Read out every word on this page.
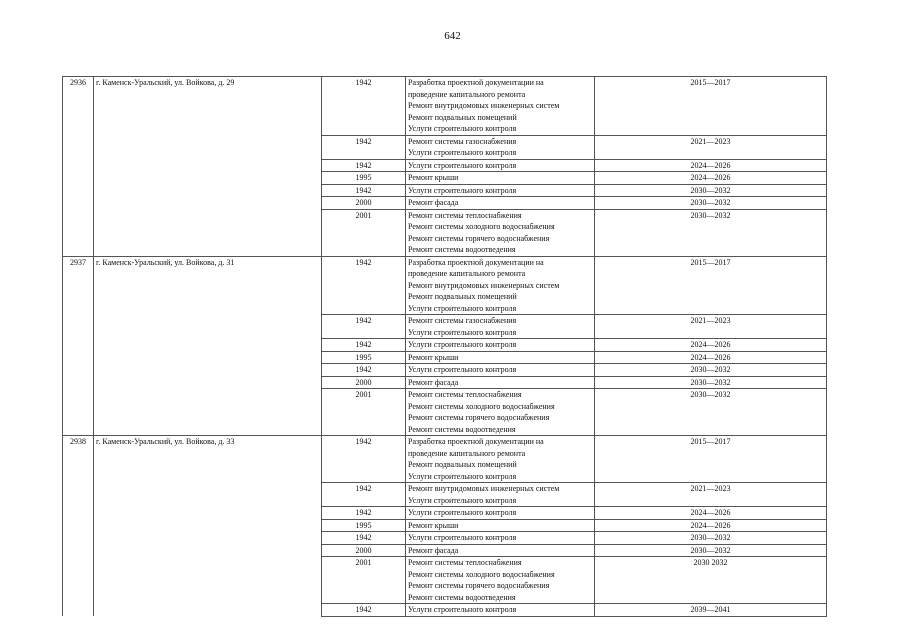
642
2936	г. Каменск-Уральский, ул. Войкова, д. 29	1942	Разработка проектной документации на
проведение капитального ремонта
Ремонт внутридомовых инженерных систем
Ремонт подвальных помещений
Услуги строительного контроля	2015—2017
		1942	Ремонт системы газоснабжения
Услуги строительного контроля	2021—2023
		1942	Услуги строительного контроля	2024—2026
		1995	Ремонт крыши	2024—2026
		1942	Услуги строительного контроля	2030—2032
		2000	Ремонт фасада	2030—2032
		2001	Ремонт системы теплоснабжения
Ремонт системы холодного водоснабжения
Ремонт системы горячего водоснабжения
Ремонт системы водоотведения	2030—2032
2937	г. Каменск-Уральский, ул. Войкова, д. 31	1942	Разработка проектной документации на
проведение капитального ремонта
Ремонт внутридомовых инженерных систем
Ремонт подвальных помещений
Услуги строительного контроля	2015—2017
		1942	Ремонт системы газоснабжения
Услуги строительного контроля	2021—2023
		1942	Услуги строительного контроля	2024—2026
		1995	Ремонт крыши	2024—2026
		1942	Услуги строительного контроля	2030—2032
		2000	Ремонт фасада	2030—2032
		2001	Ремонт системы теплоснабжения
Ремонт системы холодного водоснабжения
Ремонт системы горячего водоснабжения
Ремонт системы водоотведения	2030—2032
2938	г. Каменск-Уральский, ул. Войкова, д. 33	1942	Разработка проектной документации на
проведение капитального ремонта
Ремонт подвальных помещений
Услуги строительного контроля	2015—2017
		1942	Ремонт внутридомовых инженерных систем
Услуги строительного контроля	2021—2023
		1942	Услуги строительного контроля	2024—2026
		1995	Ремонт крыши	2024—2026
		1942	Услуги строительного контроля	2030—2032
		2000	Ремонт фасада	2030—2032
		2001	Ремонт системы теплоснабжения
Ремонт системы холодного водоснабжения
Ремонт системы горячего водоснабжения
Ремонт системы водоотведения	2030 2032
		1942	Услуги строительного контроля	2039—2041
